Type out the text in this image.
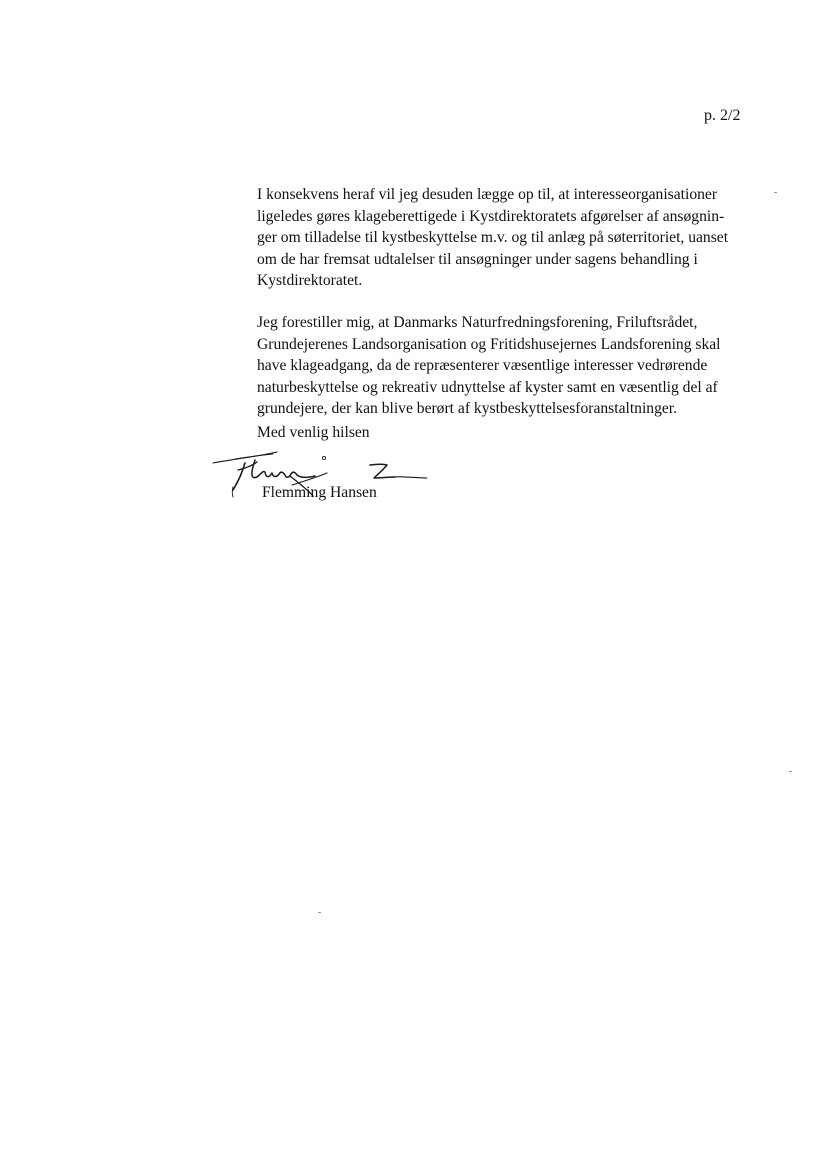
p. 2/2
I konsekvens heraf vil jeg desuden lægge op til, at interesseorganisationer
ligeledes gøres klageberettigede i Kystdirektoratets afgørelser af ansøgnin-
ger om tilladelse til kystbeskyttelse m.v. og til anlæg på søterritoriet, uanset
om de har fremsat udtalelser til ansøgninger under sagens behandling i
Kystdirektoratet.
Jeg forestiller mig, at Danmarks Naturfredningsforening, Friluftsrådet,
Grundejerenes Landsorganisation og Fritidshusejernes Landsforening skal
have klageadgang, da de repræsenterer væsentlige interesser vedrørende
naturbeskyttelse og rekreativ udnyttelse af kyster samt en væsentlig del af
grundejere, der kan blive berørt af kystbeskyttelsesforanstaltninger.
Med venlig hilsen
Flemming Hansen
